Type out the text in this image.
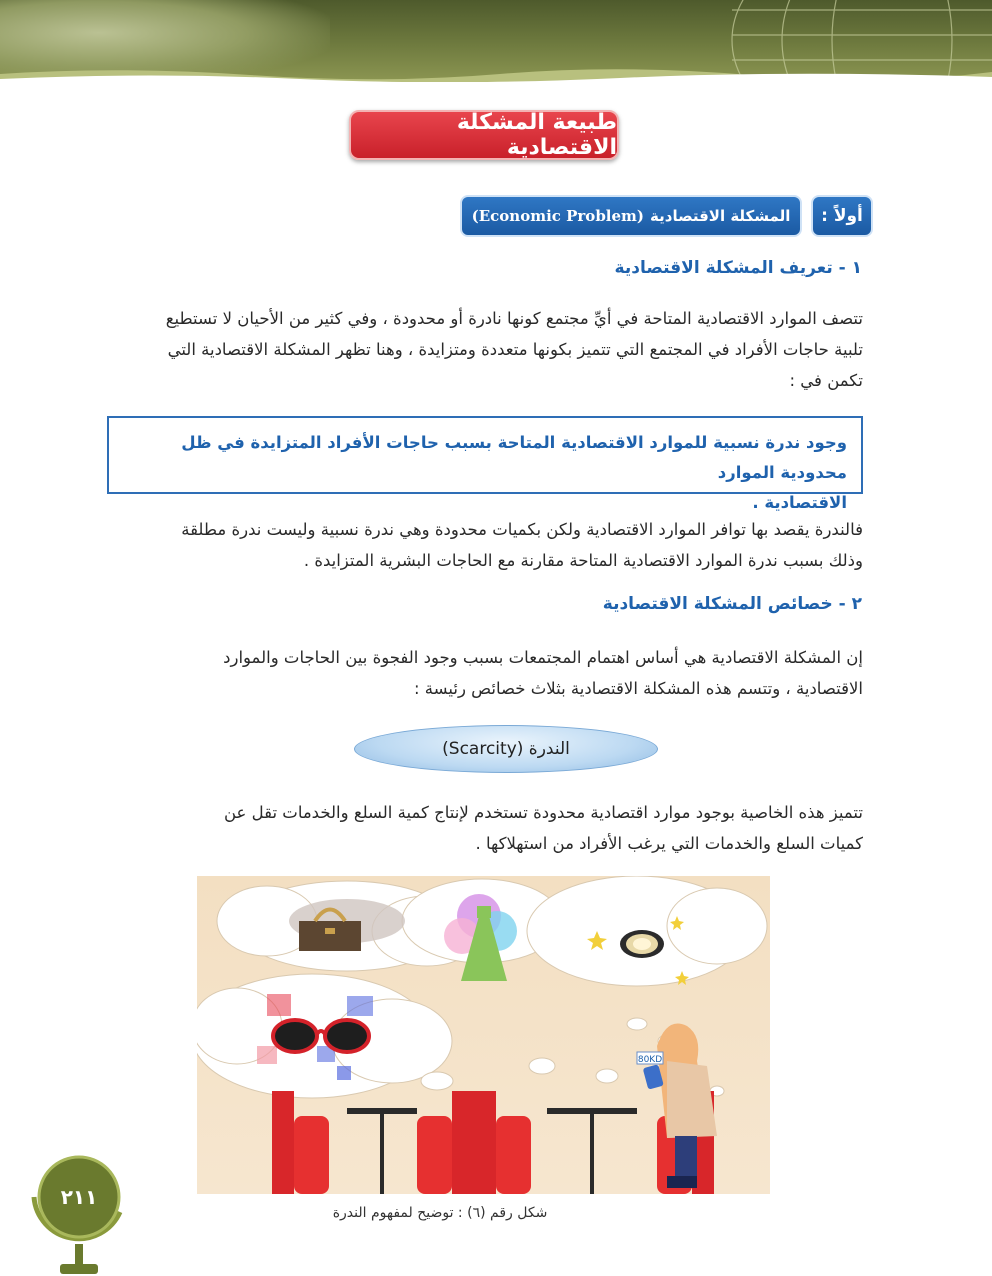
طبيعة المشكلة الاقتصادية
أولاً :
المشكلة الاقتصادية
(Economic Problem)
١ - تعريف المشكلة الاقتصادية

تتصف الموارد الاقتصادية المتاحة في أيِّ مجتمع كونها نادرة أو محدودة ، وفي كثير من الأحيان لا تستطيع

تلبية حاجات الأفراد في المجتمع التي تتميز بكونها متعددة ومتزايدة ، وهنا تظهر المشكلة الاقتصادية التي

تكمن في :

وجود ندرة نسبية للموارد الاقتصادية المتاحة بسبب حاجات الأفراد المتزايدة في ظل محدودية الموارد
الاقتصادية .

فالندرة يقصد بها توافر الموارد الاقتصادية ولكن بكميات محدودة وهي ندرة نسبية وليست ندرة مطلقة

وذلك بسبب ندرة الموارد الاقتصادية المتاحة مقارنة مع الحاجات البشرية المتزايدة .

٢ - خصائص المشكلة الاقتصادية

إن المشكلة الاقتصادية هي أساس اهتمام المجتمعات بسبب وجود الفجوة بين الحاجات والموارد

الاقتصادية ، وتتسم هذه المشكلة الاقتصادية بثلاث خصائص رئيسة :

الندرة (Scarcity)

تتميز هذه الخاصية بوجود موارد اقتصادية محدودة تستخدم لإنتاج كمية السلع والخدمات تقل عن

كميات السلع والخدمات التي يرغب الأفراد من استهلاكها .

80KD
شكل رقم (٦) : توضيح لمفهوم الندرة
٢١١
